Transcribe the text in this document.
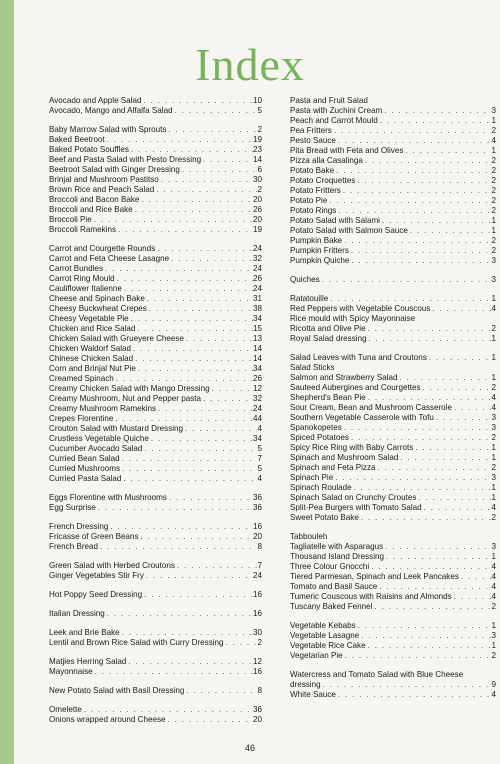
Index
Avocado and Apple Salad . . .	10
Avocado, Mango and Alfalfa Salad . . .	5
Baby Marrow Salad with Sprouts . . .	2
Baked Beetroot . . .	19
Baked Potato Souffles . . .	23
Beef and Pasta Salad with Pesto Dressing . . .	14
Beetroot Salad with Ginger Dressing . . .	6
Brinjal and Mushroom Pastitso . . .	30
Brown Rice and Peach Salad . . .	2
Broccoli and Bacon Bake . . .	20
Broccoli and Rice Bake . . .	26
Broccoli Pie . . .	20
Broccoli Ramekins . . .	19
Carrot and Courgette Rounds . . .	24
Carrot and Feta Cheese Lasagne . . .	32
Carrot Bundles . . .	24
Carrot Ring Mould . . .	26
Cauliflower Italienne . . .	24
Cheese and Spinach Bake . . .	31
Cheesy Buckwheat Crepes . . .	38
Cheesy Vegetable Pie . . .	34
Chicken and Rice Salad . . .	15
Chicken Salad with Grueyere Cheese . . .	13
Chicken Waldorf Salad . . .	14
Chinese Chicken Salad . . .	14
Corn and Brinjal Nut Pie . . .	34
Creamed Spinach . . .	26
Creamy Chicken Salad with Mango Dressing . . .	12
Creamy Mushroom, Nut and Pepper pasta . . .	32
Creamy Mushroom Ramekins . . .	24
Crepes Florentine . . .	44
Crouton Salad with Mustard Dressing . . .	4
Crustless Vegetable Quiche . . .	34
Cucumber Avocado Salad . . .	5
Curried Bean Salad . . .	7
Curried Mushrooms . . .	5
Curried Pasta Salad . . .	4
Eggs Florentine with Mushrooms . . .	36
Egg Surprise . . .	36
French Dressing . . .	16
Fricasse of Green Beans . . .	20
French Bread . . .	8
Green Salad with Herbed Croutons . . .	7
Ginger Vegetables Stir Fry . . .	24
Hot Poppy Seed Dressing . . .	16
Italian Dressing . . .	16
Leek and Brie Bake . . .	30
Lentil and Brown Rice Salad with Curry Dressing . . .	2
Matjies Herring Salad . . .	12
Mayonnaise . . .	16
New Potato Salad with Basil Dressing . . .	8
Omelette . . .	36
Onions wrapped around Cheese . . .	20
Pasta and Fruit Salad
Pasta with Zuchini Cream . . .	3
Peach and Carrot Mould . . .	1
Pea Fritters . . .	2
Pesto Sauce . . .	4
Pita Bread with Feta and Olives . . .	1
Pizza alla Casalinga . . .	2
Potato Bake . . .	2
Potato Croquettes . . .	2
Potato Fritters . . .	2
Potato Pie . . .	2
Potato Rings . . .	2
Potato Salad with Salami . . .	1
Potato Salad with Salmon Sauce . . .	1
Pumpkin Bake . . .	2
Pumpkin Fritters . . .	2
Pumpkin Quiche . . .	3
Quiches . . .	3
Ratatouille . . .	1
Red Peppers with Vegetable Couscous . . .	4
Rice mould with Spicy Mayonnaise
Ricotta and Olive Pie . . .	2
Royal Salad dressing . . .	1
Salad Leaves with Tuna and Croutons . . .	1
Salad Sticks
Salmon and Strawberry Salad . . .	1
Sauteed Aubergines and Courgettes . . .	2
Shepherd's Bean Pie . . .	4
Sour Cream, Bean and Mushroom Casserole . . .	4
Southern Vegetable Casserole with Tofu . . .	3
Spanokopetes . . .	3
Spiced Potatoes . . .	2
Spicy Rice Ring with Baby Carrots . . .	1
Spinach and Mushroom Salad . . .	1
Spinach and Feta Pizza . . .	2
Spinach Pie . . .	3
Spinach Roulade . . .	1
Spinach Salad on Crunchy Croutes . . .	1
Split-Pea Burgers with Tomato Salad . . .	4
Sweet Potato Bake . . .	2
Tabbouleh
Tagliatelle with Asparagus . . .	3
Thousand Island Dressing . . .	1
Three Colour Gnocchi . . .	4
Tiered Parmesan, Spinach and Leek Pancakes . . .	4
Tomato and Basil Sauce . . .	4
Tumeric Couscous with Raisins and Almonds . . .	4
Tuscany Baked Fennel . . .	2
Vegetable Kebabs . . .	1
Vegetable Lasagne . . .	3
Vegetable Rice Cake . . .	1
Vegetarian Pie . . .	2
Watercress and Tomato Salad with Blue Cheese
dressing . . .	9
White Sauce . . .	4
46
